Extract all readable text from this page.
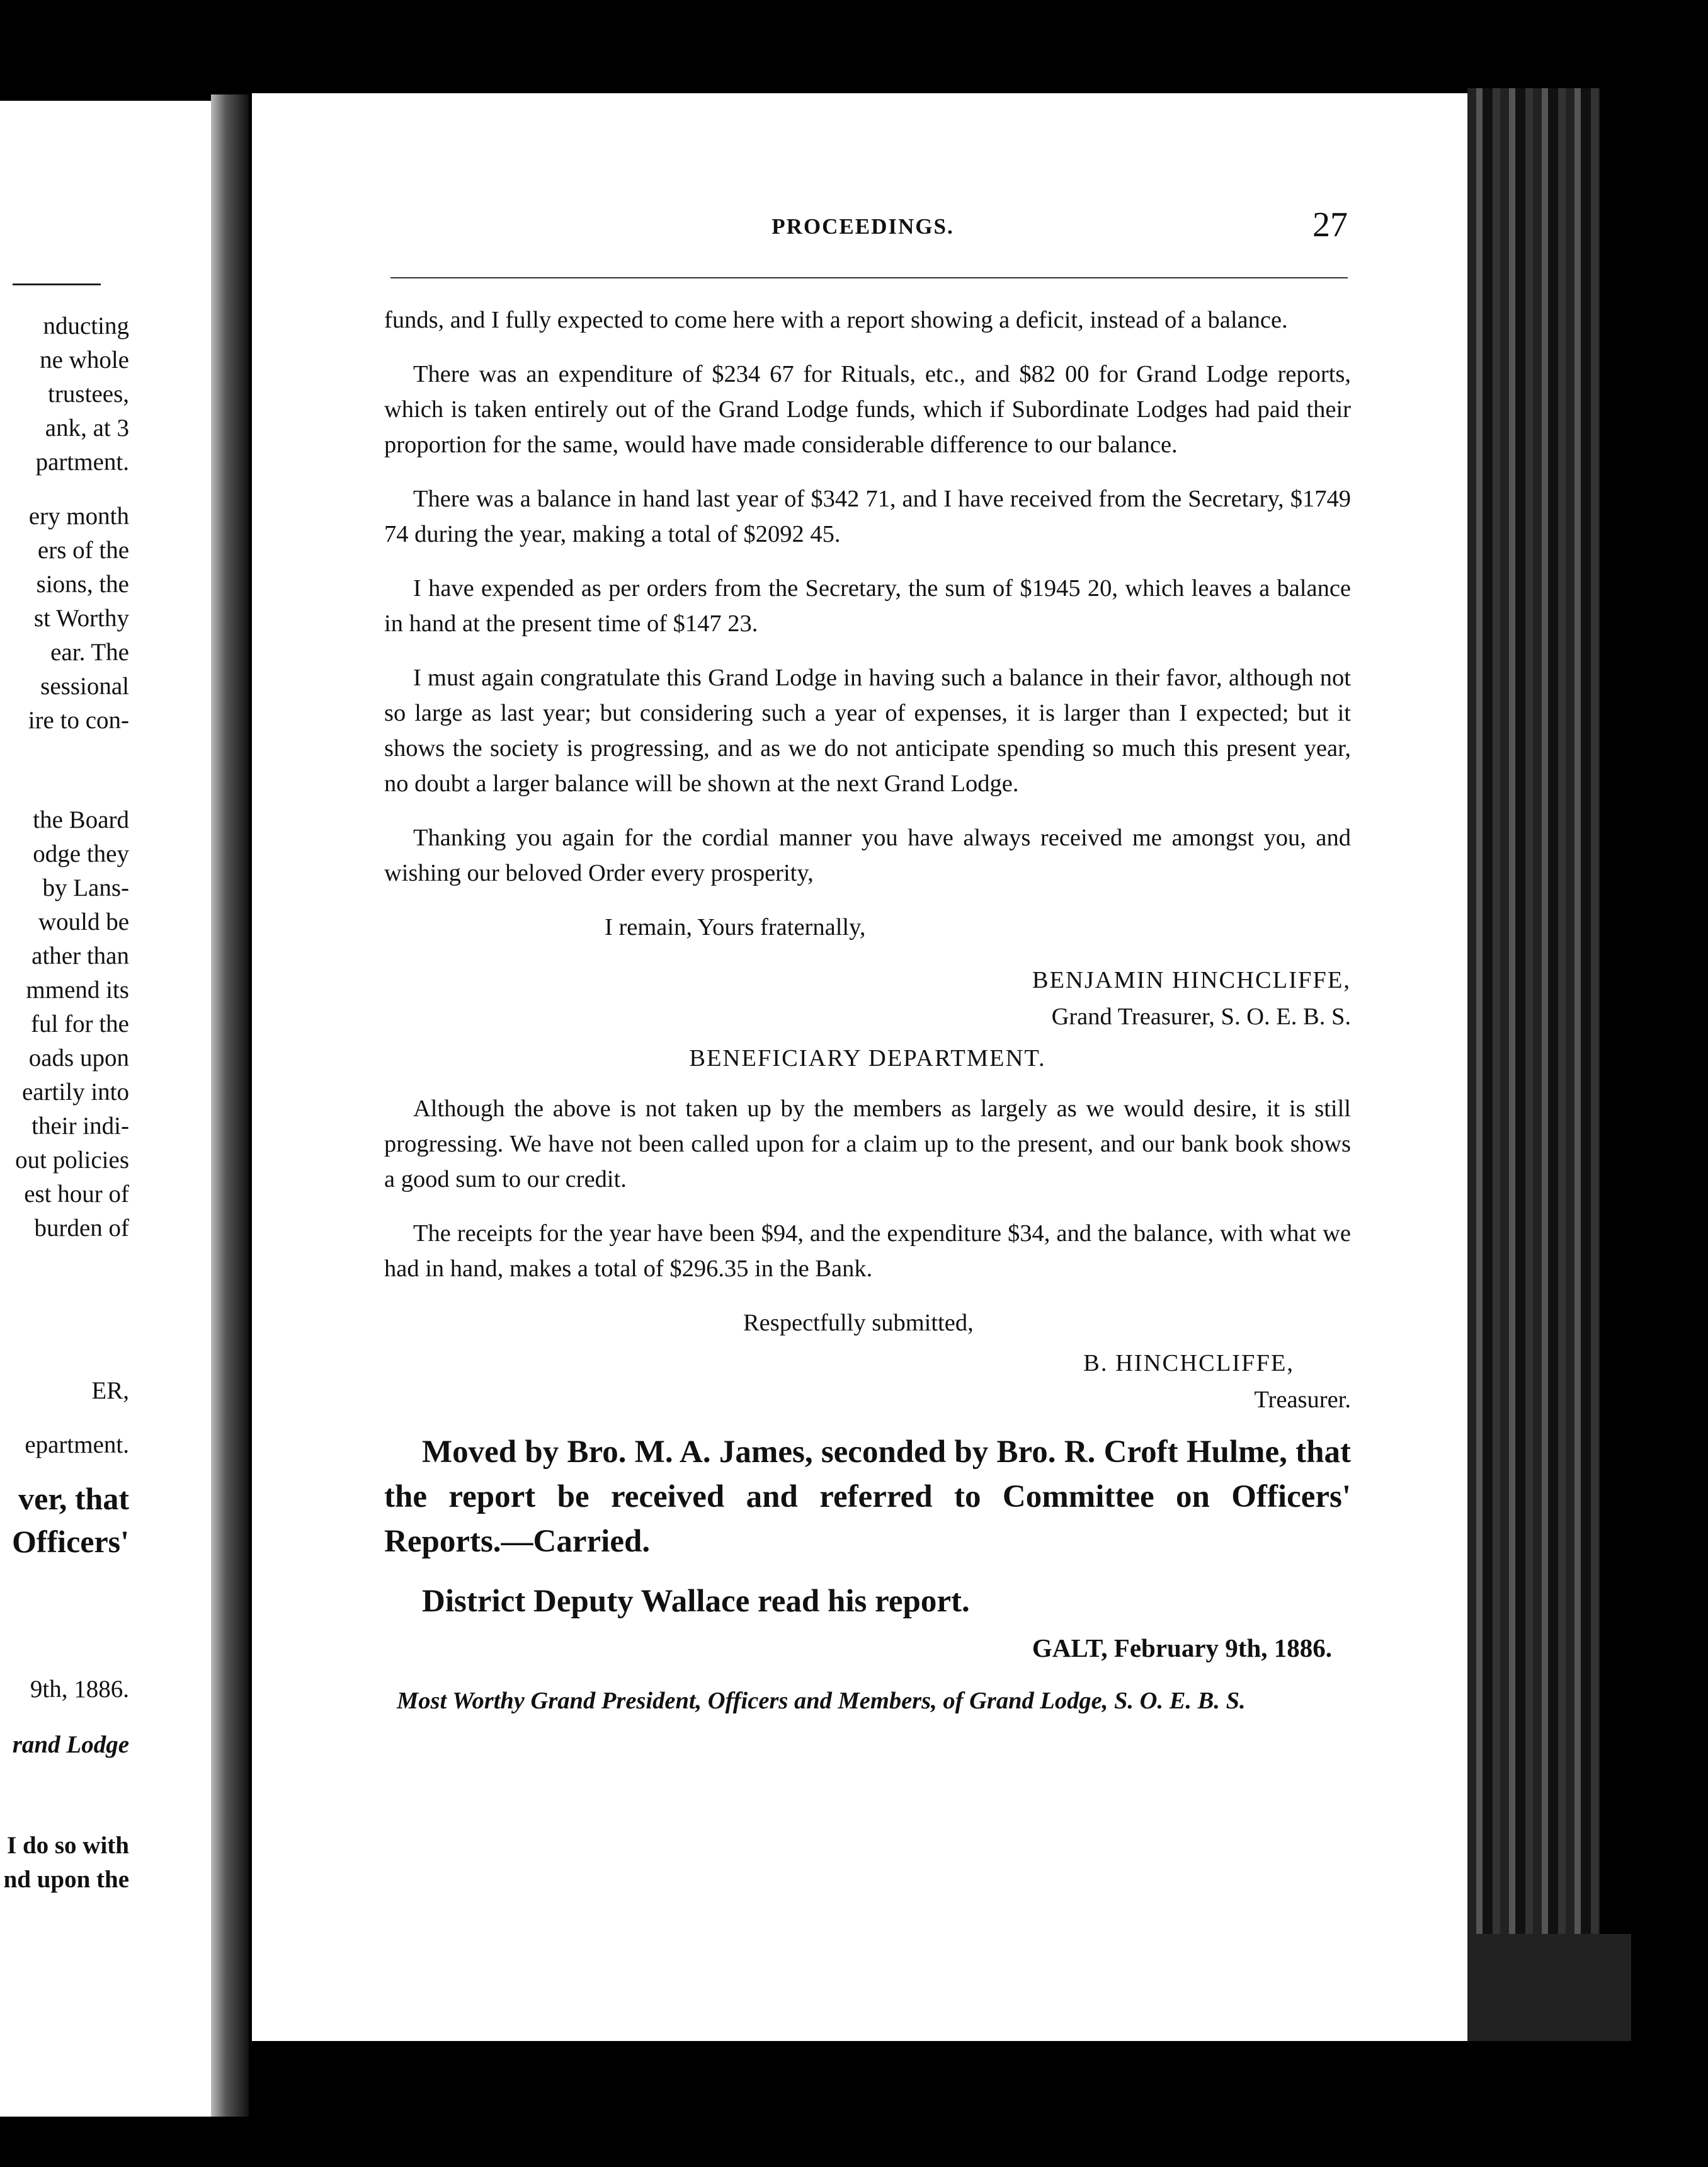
nducting
ne whole
trustees,
ank, at 3
partment.
ery month
ers of the
sions, the
st Worthy
ear. The
sessional
ire to con-
the Board
odge they
by Lans-
would be
ather than
mmend its
ful for the
oads upon
eartily into
their indi-
out policies
est hour of
burden of
ER,
epartment.
ver, that
Officers'
9th, 1886.
rand Lodge
I do so with
nd upon the
PROCEEDINGS.	27

funds, and I fully expected to come here with a report showing a deficit, instead of a balance.

There was an expenditure of $234 67 for Rituals, etc., and $82 00 for Grand Lodge reports, which is taken entirely out of the Grand Lodge funds, which if Subordinate Lodges had paid their proportion for the same, would have made considerable difference to our balance.

There was a balance in hand last year of $342 71, and I have received from the Secretary, $1749 74 during the year, making a total of $2092 45.

I have expended as per orders from the Secretary, the sum of $1945 20, which leaves a balance in hand at the present time of $147 23.

I must again congratulate this Grand Lodge in having such a balance in their favor, although not so large as last year; but considering such a year of expenses, it is larger than I expected; but it shows the society is progressing, and as we do not anticipate spending so much this present year, no doubt a larger balance will be shown at the next Grand Lodge.

Thanking you again for the cordial manner you have always received me amongst you, and wishing our beloved Order every prosperity,

I remain, Yours fraternally,

BENJAMIN HINCHCLIFFE,

Grand Treasurer, S. O. E. B. S.

BENEFICIARY DEPARTMENT.

Although the above is not taken up by the members as largely as we would desire, it is still progressing. We have not been called upon for a claim up to the present, and our bank book shows a good sum to our credit.

The receipts for the year have been $94, and the expenditure $34, and the balance, with what we had in hand, makes a total of $296.35 in the Bank.

Respectfully submitted,

B. HINCHCLIFFE,

Treasurer.

Moved by Bro. M. A. James, seconded by Bro. R. Croft Hulme, that the report be received and referred to Committee on Officers' Reports.—Carried.

District Deputy Wallace read his report.

GALT, February 9th, 1886.

Most Worthy Grand President, Officers and Members, of Grand Lodge, S. O. E. B. S.
